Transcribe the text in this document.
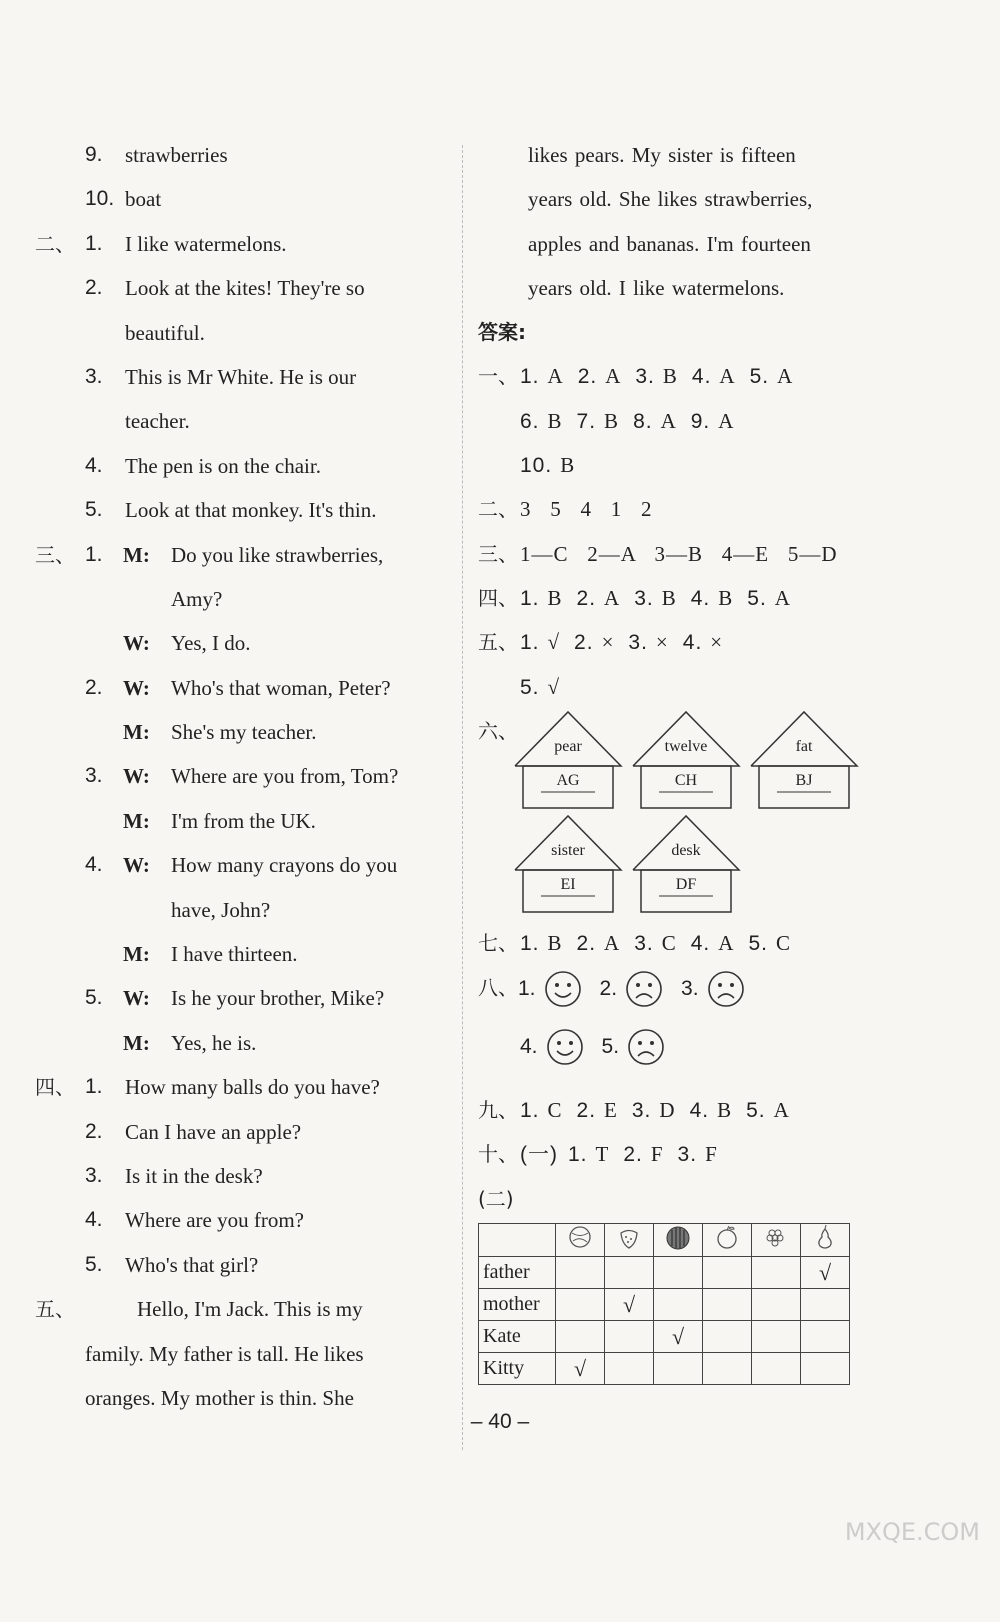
9. strawberries
10. boat
二、 1. I like watermelons.
2. Look at the kites! They're so
beautiful.
3. This is Mr White. He is our
teacher.
4. The pen is on the chair.
5. Look at that monkey. It's thin.
三、 1. M: Do you like strawberries,
Amy?
W: Yes, I do.
2. W: Who's that woman, Peter?
M: She's my teacher.
3. W: Where are you from, Tom?
M: I'm from the UK.
4. W: How many crayons do you
have, John?
M: I have thirteen.
5. W: Is he your brother, Mike?
M: Yes, he is.
四、 1. How many balls do you have?
2. Can I have an apple?
3. Is it in the desk?
4. Where are you from?
5. Who's that girl?
五、	Hello, I'm Jack. This is my
family. My father is tall. He likes
oranges. My mother is thin. She
likes pears. My sister is fifteen
years old. She likes strawberries,
apples and bananas. I'm fourteen
years old. I like watermelons.
答案:
一、 1. A 2. A 3. B 4. A 5. A
6. B 7. B 8. A 9. A
10. B
二、 3   5   4   1   2
三、 1—C   2—A   3—B   4—E   5—D
四、 1. B 2. A 3. B 4. B 5. A
五、 1. √ 2. × 3. × 4. ×
5. √
六、
pear
AG
twelve
CH
fat
BJ
sister
EI
desk
DF
七、 1. B 2. A 3. C 4. A 5. C
八、1.	2.	3.
4.	5.
九、 1. C 2. E 3. D 4. B 5. A
十、 (一) 1. T 2. F 3. F
(二)

father						√
mother		√				
Kate			√			
Kitty	√					
– 40 –
MXQE.COM
